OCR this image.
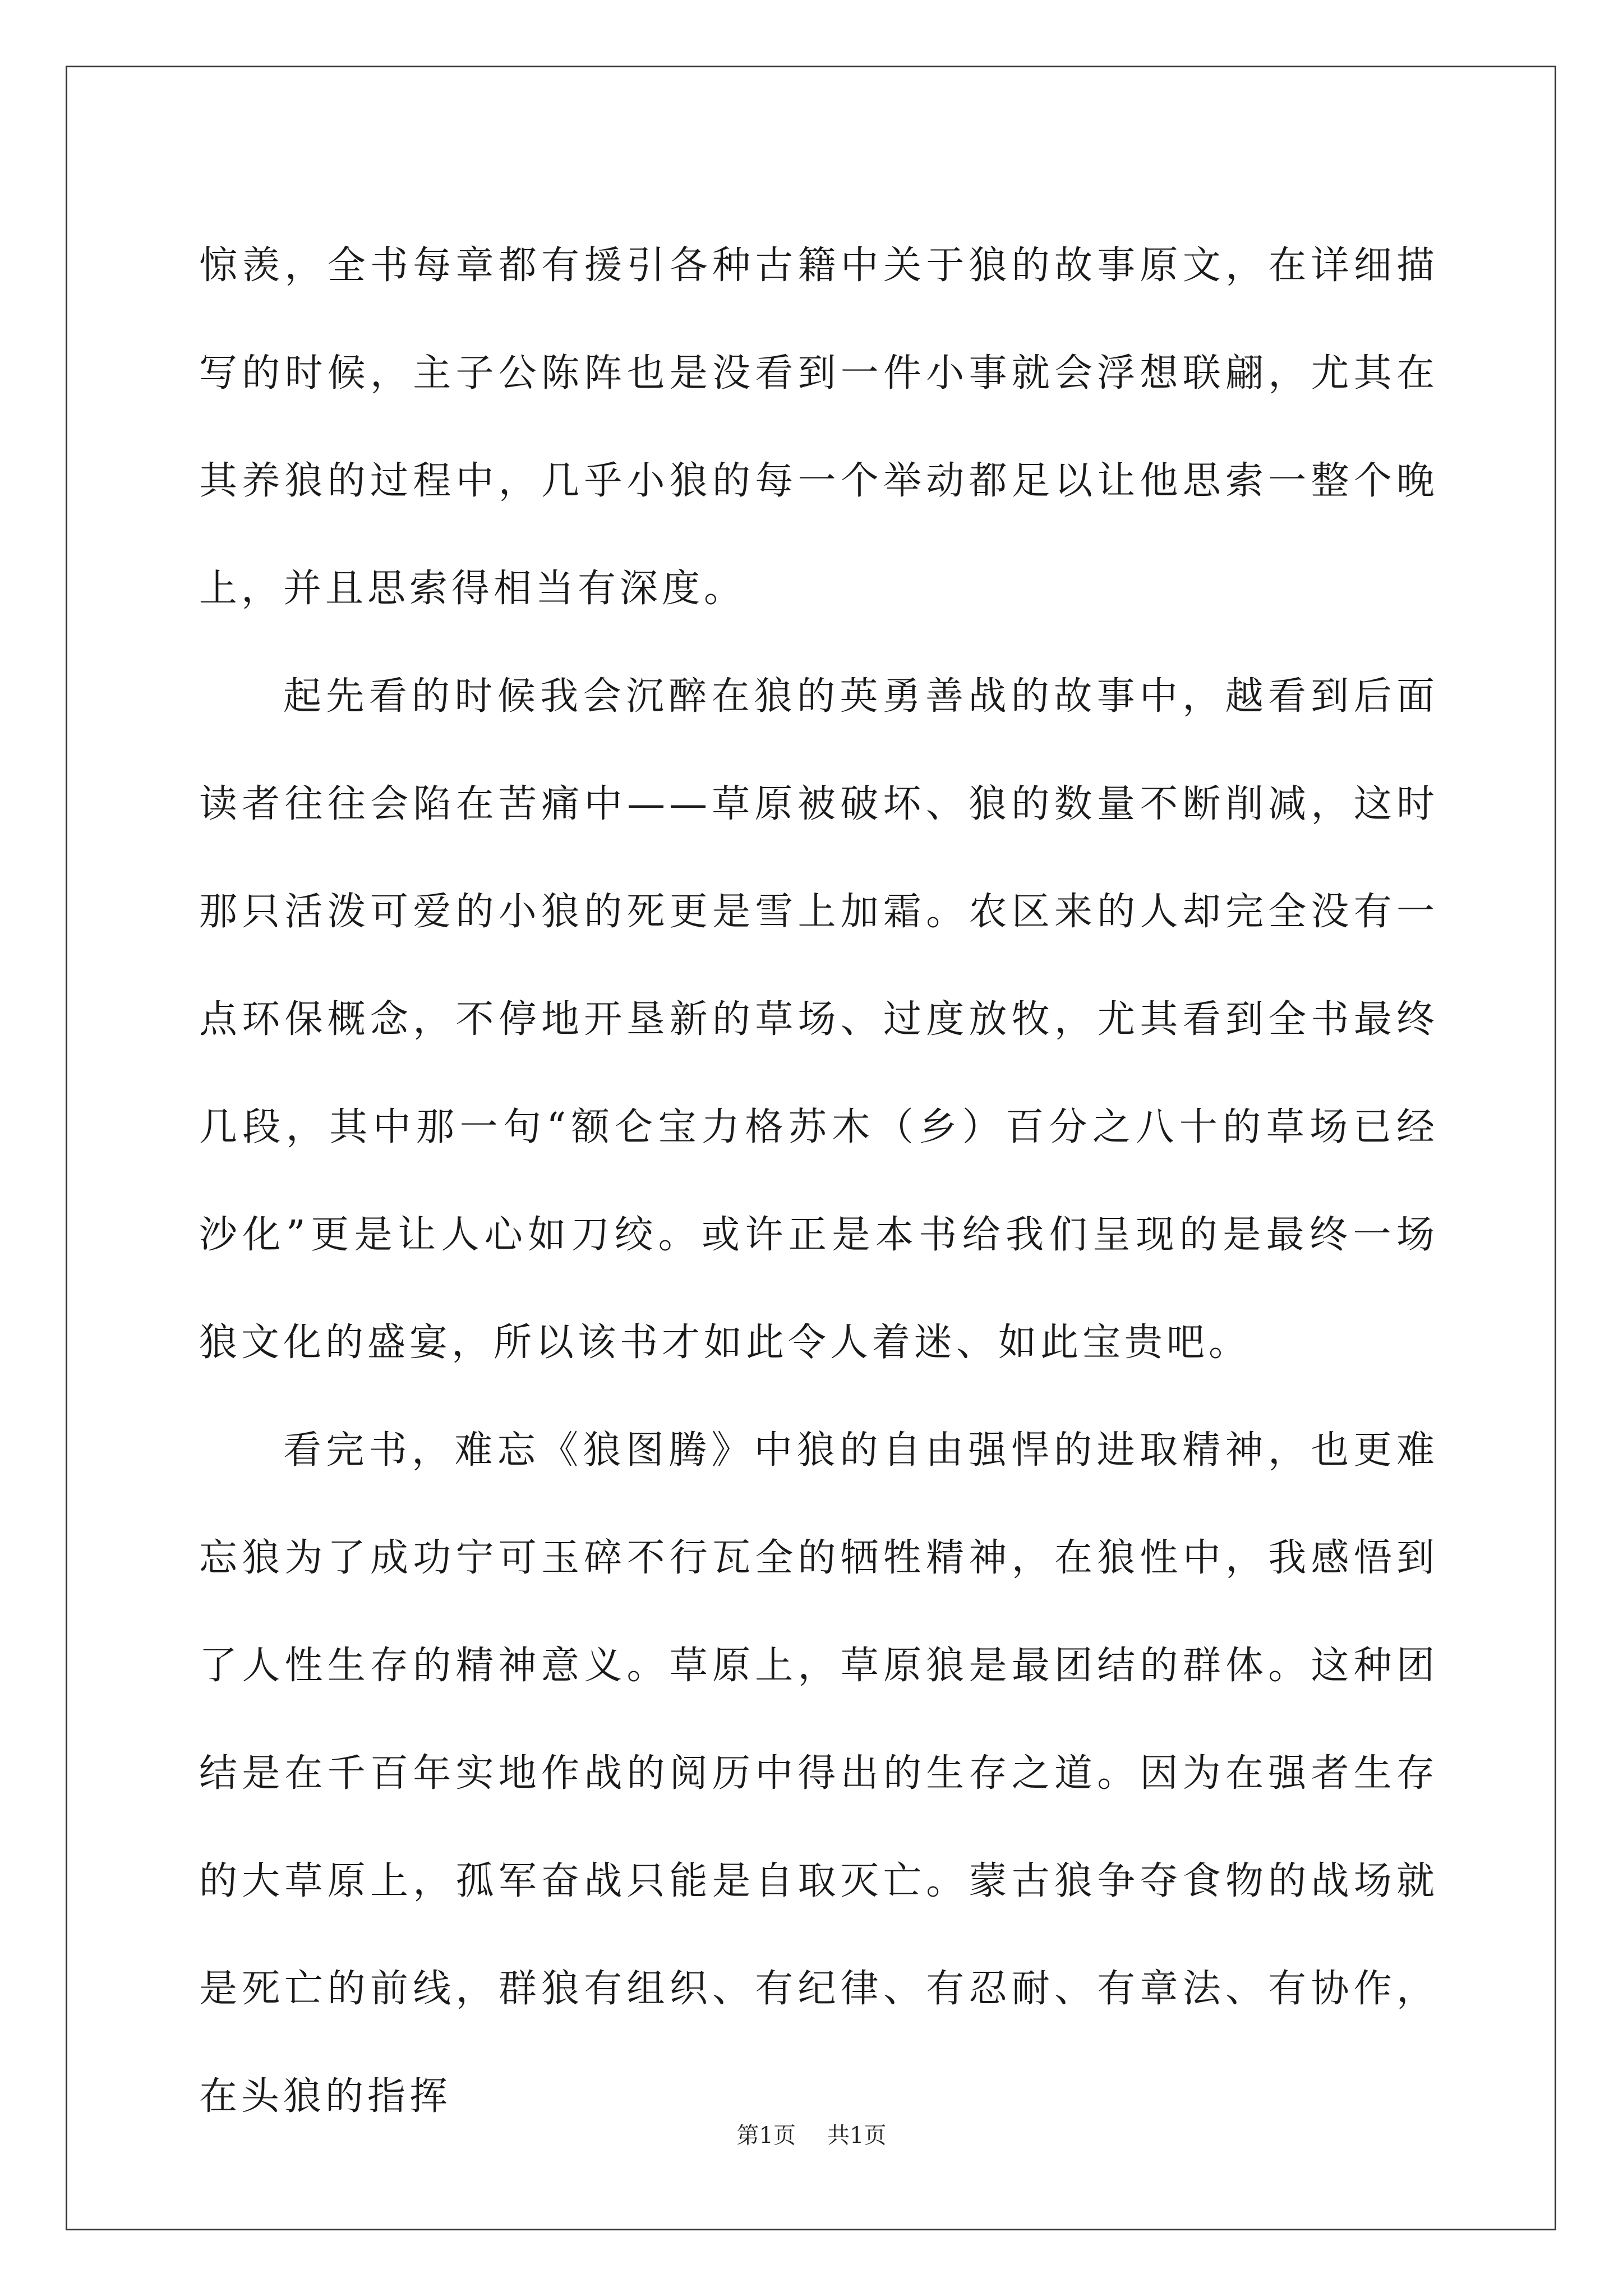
惊羡，全书每章都有援引各种古籍中关于狼的故事原文，在详细描写的时候，主子公陈阵也是没看到一件小事就会浮想联翩，尤其在其养狼的过程中，几乎小狼的每一个举动都足以让他思索一整个晚上，并且思索得相当有深度。

起先看的时候我会沉醉在狼的英勇善战的故事中，越看到后面读者往往会陷在苦痛中——草原被破坏、狼的数量不断削减，这时那只活泼可爱的小狼的死更是雪上加霜。农区来的人却完全没有一点环保概念，不停地开垦新的草场、过度放牧，尤其看到全书最终几段，其中那一句“额仑宝力格苏木（乡）百分之八十的草场已经沙化”更是让人心如刀绞。或许正是本书给我们呈现的是最终一场狼文化的盛宴，所以该书才如此令人着迷、如此宝贵吧。

看完书，难忘《狼图腾》中狼的自由强悍的进取精神，也更难忘狼为了成功宁可玉碎不行瓦全的牺牲精神，在狼性中，我感悟到了人性生存的精神意义。草原上，草原狼是最团结的群体。这种团结是在千百年实地作战的阅历中得出的生存之道。因为在强者生存的大草原上，孤军奋战只能是自取灭亡。蒙古狼争夺食物的战场就是死亡的前线，群狼有组织、有纪律、有忍耐、有章法、有协作，在头狼的指挥

第1页 共1页
